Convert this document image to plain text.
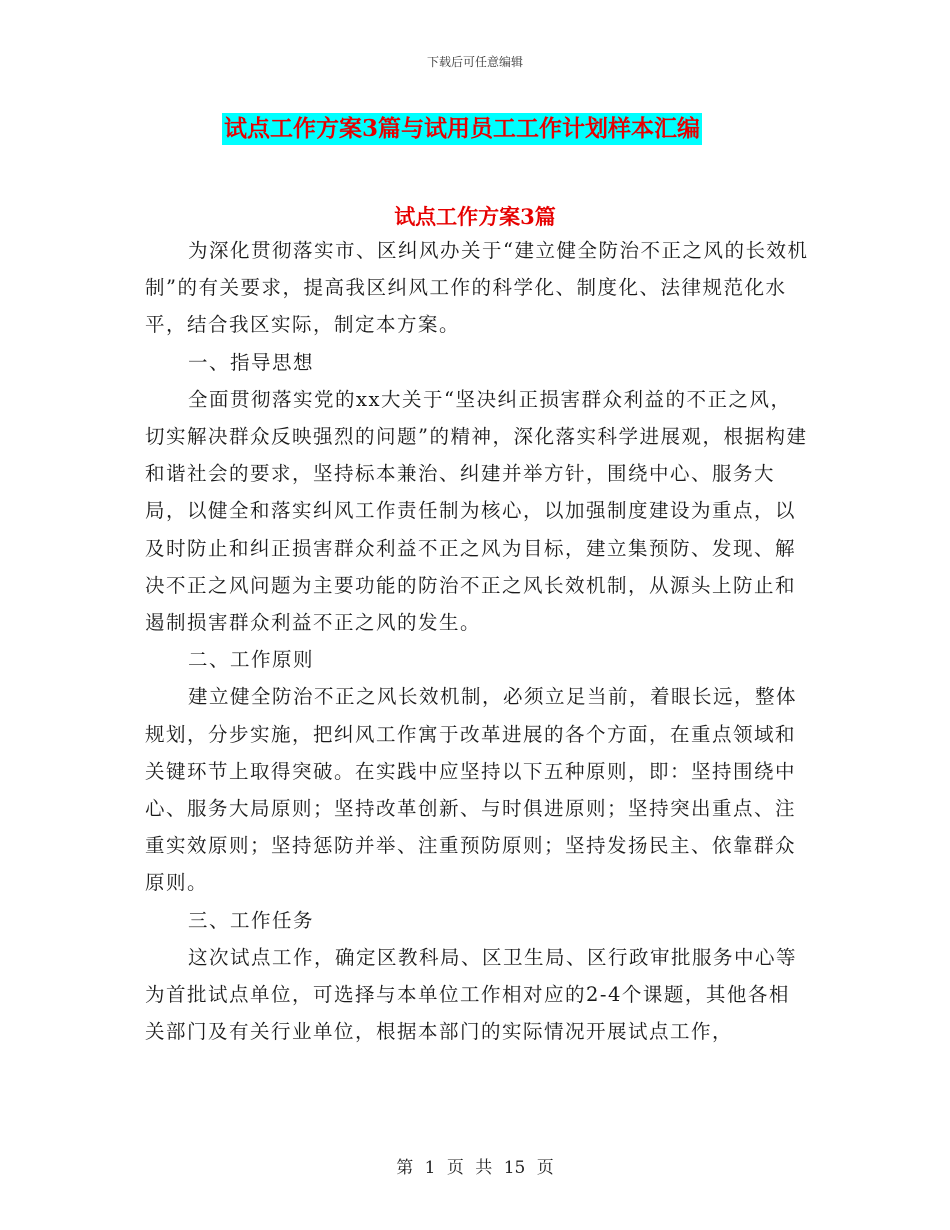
下载后可任意编辑
试点工作方案3篇与试用员工工作计划样本汇编
试点工作方案3篇

为深化贯彻落实市、区纠风办关于“建立健全防治不正之风的长效机制”的有关要求，提高我区纠风工作的科学化、制度化、法律规范化水平，结合我区实际，制定本方案。

一、指导思想

全面贯彻落实党的xx大关于“坚决纠正损害群众利益的不正之风，切实解决群众反映强烈的问题”的精神，深化落实科学进展观，根据构建和谐社会的要求，坚持标本兼治、纠建并举方针，围绕中心、服务大局，以健全和落实纠风工作责任制为核心，以加强制度建设为重点，以及时防止和纠正损害群众利益不正之风为目标，建立集预防、发现、解决不正之风问题为主要功能的防治不正之风长效机制，从源头上防止和遏制损害群众利益不正之风的发生。

二、工作原则

建立健全防治不正之风长效机制，必须立足当前，着眼长远，整体规划，分步实施，把纠风工作寓于改革进展的各个方面，在重点领域和关键环节上取得突破。在实践中应坚持以下五种原则，即：坚持围绕中心、服务大局原则；坚持改革创新、与时俱进原则；坚持突出重点、注重实效原则；坚持惩防并举、注重预防原则；坚持发扬民主、依靠群众原则。

三、工作任务

这次试点工作，确定区教科局、区卫生局、区行政审批服务中心等为首批试点单位，可选择与本单位工作相对应的2-4个课题，其他各相关部门及有关行业单位，根据本部门的实际情况开展试点工作，

第 1 页 共 15 页
